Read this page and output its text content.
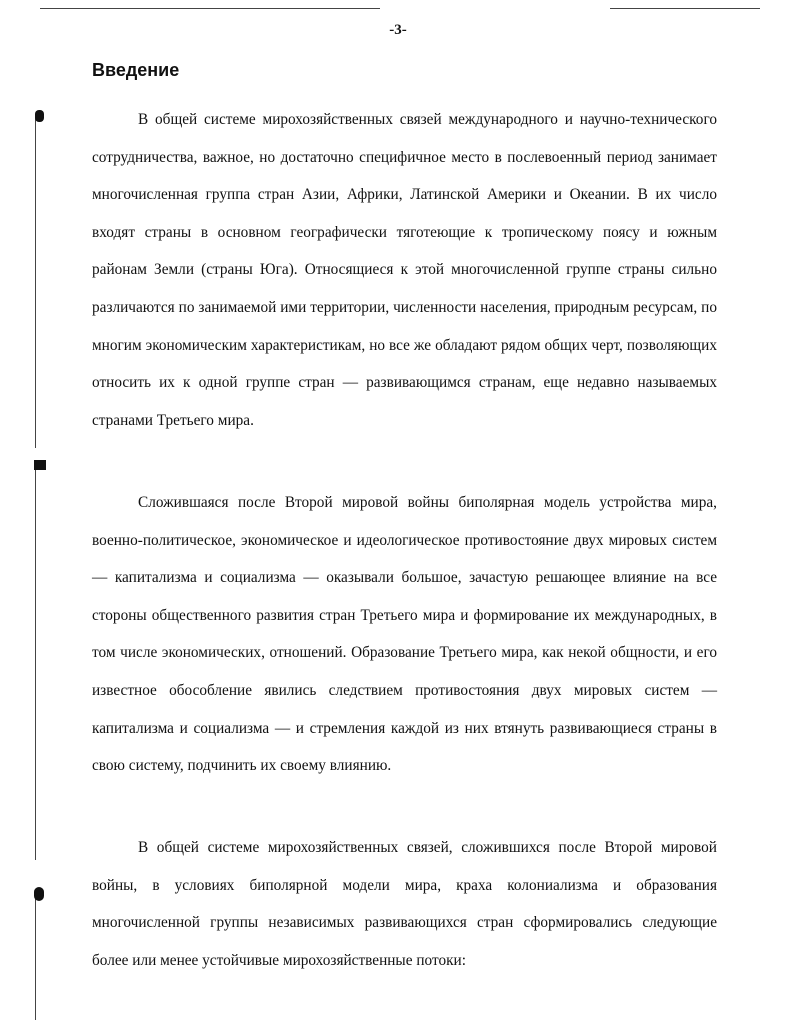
-3-
Введение

В общей системе мирохозяйственных связей международного и научно-технического сотрудничества, важное, но достаточно специфичное место в послевоенный период занимает многочисленная группа стран Азии, Африки, Латинской Америки и Океании. В их число входят страны в основном географически тяготеющие к тропическому поясу и южным районам Земли (страны Юга). Относящиеся к этой многочисленной группе страны сильно различаются по занимаемой ими территории, численности населения, природным ресурсам, по многим экономическим характеристикам, но все же обладают рядом общих черт, позволяющих относить их к одной группе стран — развивающимся странам, еще недавно называемых странами Третьего мира.

Сложившаяся после Второй мировой войны биполярная модель устройства мира, военно-политическое, экономическое и идеологическое противостояние двух мировых систем — капитализма и социализма — оказывали большое, зачастую решающее влияние на все стороны общественного развития стран Третьего мира и формирование их международных, в том числе экономических, отношений. Образование Третьего мира, как некой общности, и его известное обособление явились следствием противостояния двух мировых систем — капитализма и социализма — и стремления каждой из них втянуть развивающиеся страны в свою систему, подчинить их своему влиянию.

В общей системе мирохозяйственных связей, сложившихся после Второй мировой войны, в условиях биполярной модели мира, краха колониализма и образования многочисленной группы независимых развивающихся стран сформировались следующие более или менее устойчивые мирохозяйственные потоки:
